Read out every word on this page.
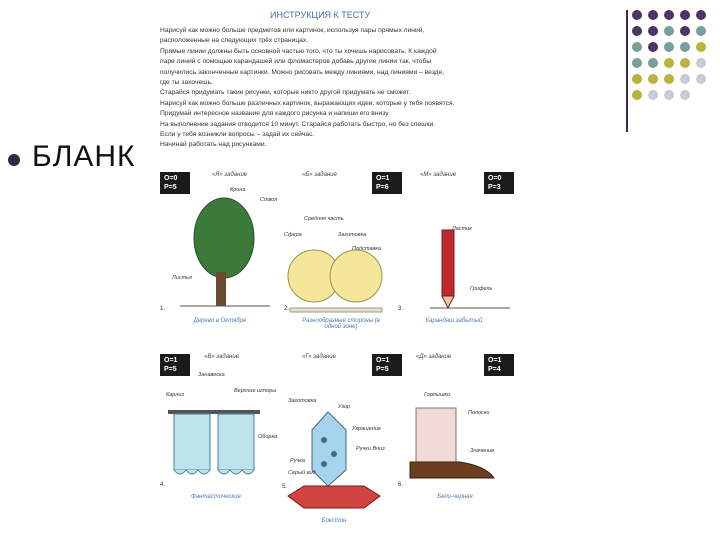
БЛАНК
ИНСТРУКЦИЯ К ТЕСТУ

Нарисуй как можно больше предметов или картинок, используя пары прямых линий,

расположенные на следующих трёх страницах.

Прямые линии должны быть основной частью того, что ты хочешь нарисовать. К каждой

паре линий с помощью карандашей или фломастеров добавь другие линии так, чтобы

получились законченные картинки. Можно рисовать между линиями, над линиями – везде,

где ты захочешь.

Старайся придумать такие рисунки, которые никто другой придумать не сможет.

Нарисуй как можно больше различных картинок, выражающих идеи, которые у тебя появятся.

Придумай интересное название для каждого рисунка и напиши его внизу.

На выполнение задания отводится 10 минут. Старайся работать быстро, но без спешки.

Если у тебя возникли вопросы – задай их сейчас.

Начинай работать над рисунками.

O=0
P=5
«Я» задание
Крона
Листья
Ствол
1.
Дерево в Октябре
O=1
P=6
«Б» задание
Средняя часть
Сфера	Заготовка
Подставка
2.
Разнообразные стороны (в одной зоне)
O=0
P=3
«М» задание
Ластик
Грифель
3.
Карандаш забытый
O=1
P=5
«В» задание
Карниз
Занавеска
Верхние шторы
Оборка
4.
Фантастические
O=1
P=5
«Г» задание
Заготовка
Узор
Украшение
Ручка
Ручки Вниз
Серый вид
5.
Бокстин
O=1
P=4
«Д» задание
Горлышко
Полоски
Значение
6.
Бело-черная
